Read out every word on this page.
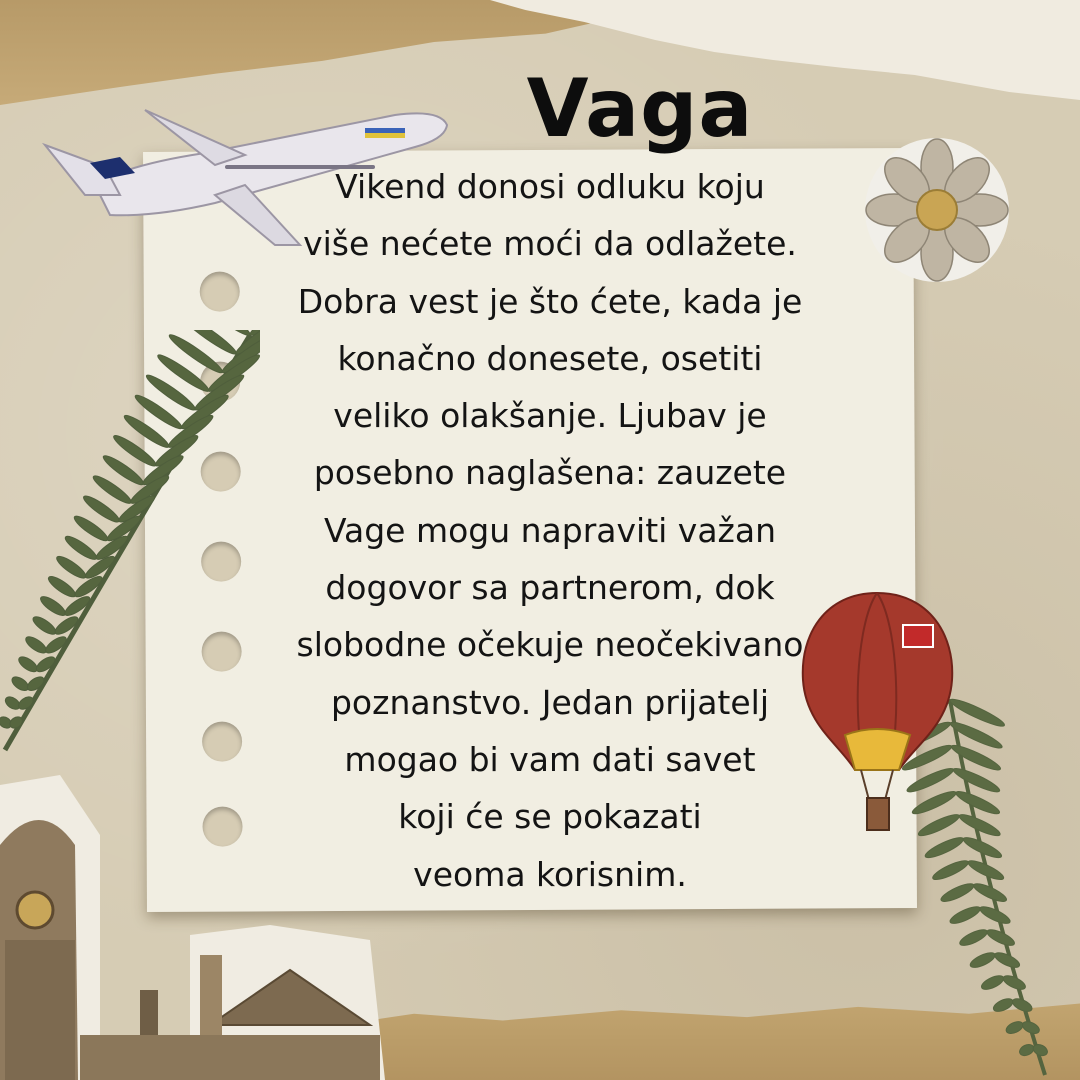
Vaga
Vikend donosi odluku koju
više nećete moći da odlažete.
Dobra vest je što ćete, kada je
konačno donesete, osetiti
veliko olakšanje. Ljubav je
posebno naglašena: zauzete
Vage mogu napraviti važan
dogovor sa partnerom, dok
slobodne očekuje neočekivano
poznanstvo. Jedan prijatelj
mogao bi vam dati savet
koji će se pokazati
veoma korisnim.
